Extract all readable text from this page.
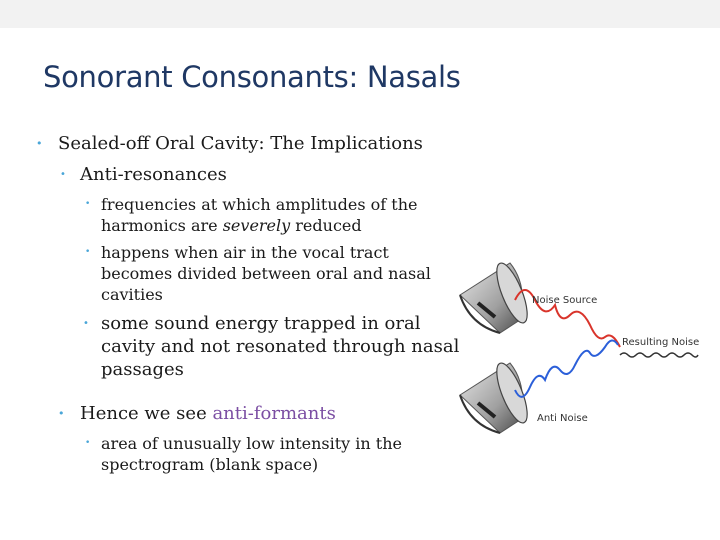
Sonorant Consonants: Nasals
• Sealed-off Oral Cavity: The Implications
• Anti-resonances
• frequencies at which amplitudes of the
harmonics are severely reduced
• happens when air in the vocal tract
becomes divided between oral and nasal
cavities
• some sound energy trapped in oral
cavity and not resonated through nasal
passages
• Hence we see anti-formants
• area of unusually low intensity in the
spectrogram (blank space)
Noise Source
Anti Noise
Resulting Noise
